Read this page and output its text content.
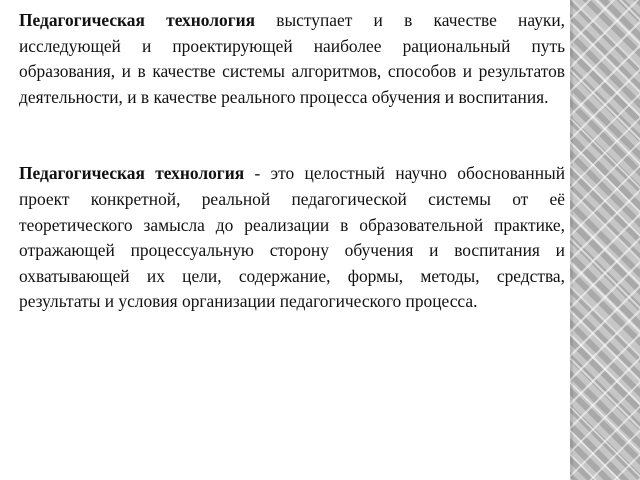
Педагогическая технология выступает и в качестве науки, исследующей и проектирующей наиболее рациональный путь образования, и в качестве системы алгоритмов, способов и результатов деятельности, и в качестве реального процесса обучения и воспитания.

Педагогическая технология - это целостный научно обоснованный проект конкретной, реальной педагогической системы от её теоретического замысла до реализации в образовательной практике, отражающей процессуальную сторону обучения и воспитания и охватывающей их цели, содержание, формы, методы, средства, результаты и условия организации педагогического процесса.
